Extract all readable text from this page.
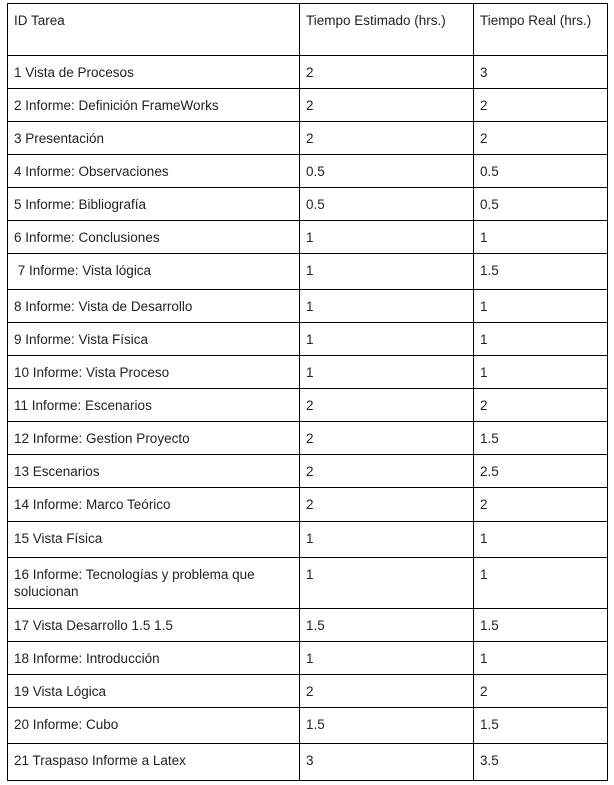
ID Tarea	Tiempo Estimado (hrs.)	Tiempo Real (hrs.)
1 Vista de Procesos	2	3
2 Informe: Definición FrameWorks	2	2
3 Presentación	2	2
4 Informe: Observaciones	0.5	0.5
5 Informe: Bibliografía	0.5	0.5
6 Informe: Conclusiones	1	1
7 Informe: Vista lógica	1	1.5
8 Informe: Vista de Desarrollo	1	1
9 Informe: Vista Física	1	1
10 Informe: Vista Proceso	1	1
11 Informe: Escenarios	2	2
12 Informe: Gestion Proyecto	2	1.5
13 Escenarios	2	2.5
14 Informe: Marco Teórico	2	2
15 Vista Física	1	1
16 Informe: Tecnologías y problema que solucionan	1	1
17 Vista Desarrollo 1.5 1.5	1.5	1.5
18 Informe: Introducción	1	1
19 Vista Lógica	2	2
20 Informe: Cubo	1.5	1.5
21 Traspaso Informe a Latex	3	3.5
